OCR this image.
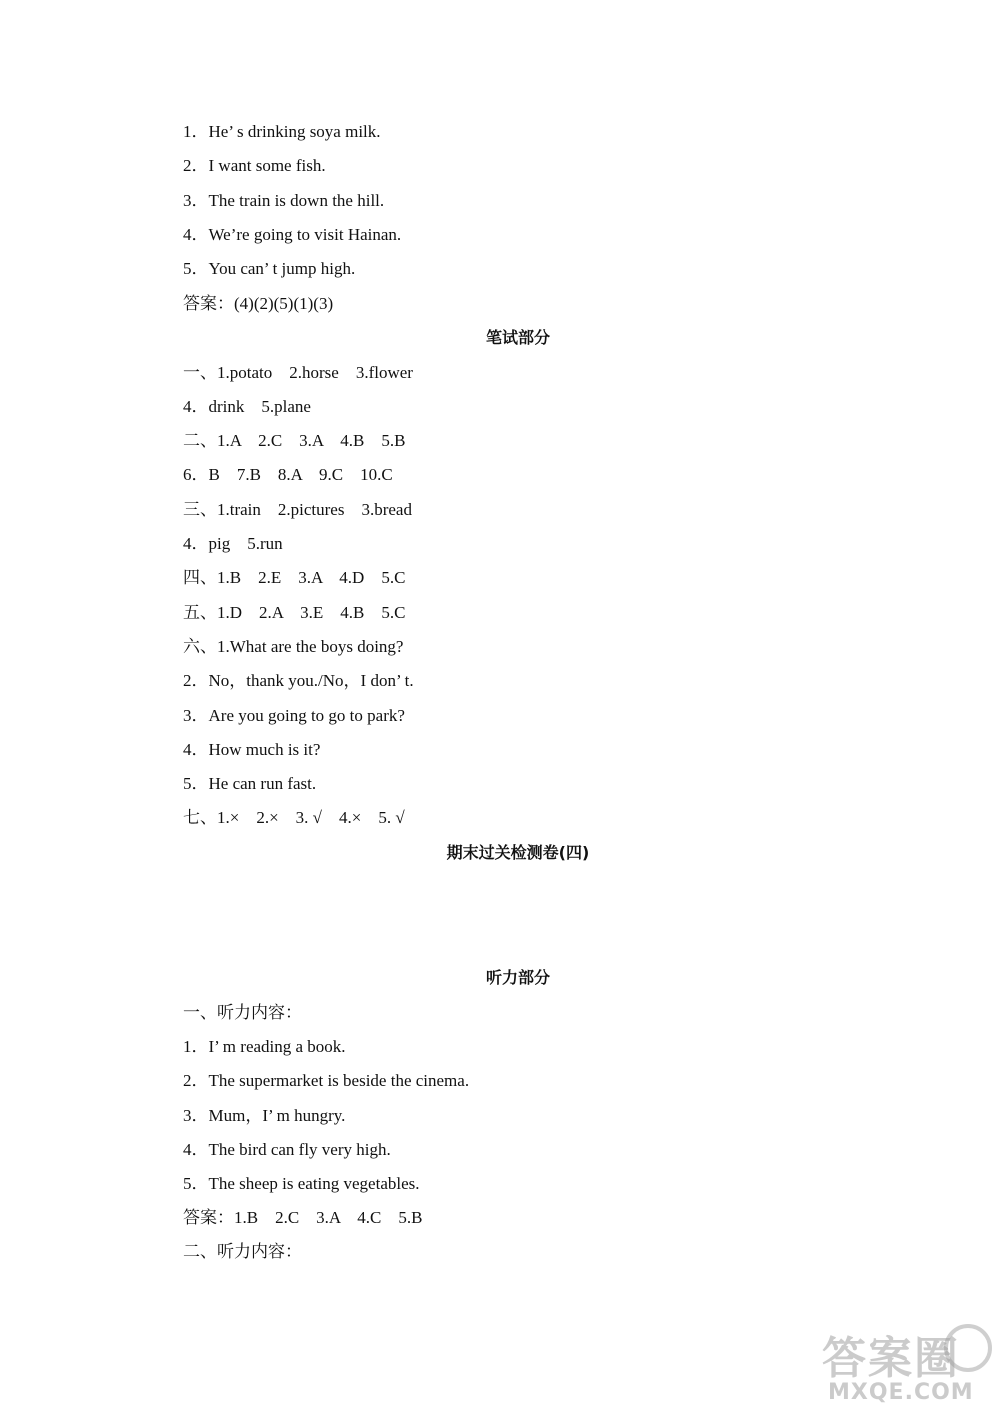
1．He’ s drinking soya milk.
2．I want some fish.
3．The train is down the hill.
4．We’re going to visit Hainan.
5．You can’ t jump high.
答案：(4)(2)(5)(1)(3)
笔试部分
一、1.potato    2.horse    3.flower
4．drink    5.plane
二、1.A    2.C    3.A    4.B    5.B
6．B    7.B    8.A    9.C    10.C
三、1.train    2.pictures    3.bread
4．pig    5.run
四、1.B    2.E    3.A    4.D    5.C
五、1.D    2.A    3.E    4.B    5.C
六、1.What are the boys doing?
2．No，thank you./No，I don’ t.
3．Are you going to go to park?
4．How much is it?
5．He can run fast.
七、1.×    2.×    3. √    4.×    5. √
期末过关检测卷(四)
听力部分
一、听力内容：
1．I’ m reading a book.
2．The supermarket is beside the cinema.
3．Mum，I’ m hungry.
4．The bird can fly very high.
5．The sheep is eating vegetables.
答案：1.B    2.C    3.A    4.C    5.B
二、听力内容：
答案圈
MXQE.COM
